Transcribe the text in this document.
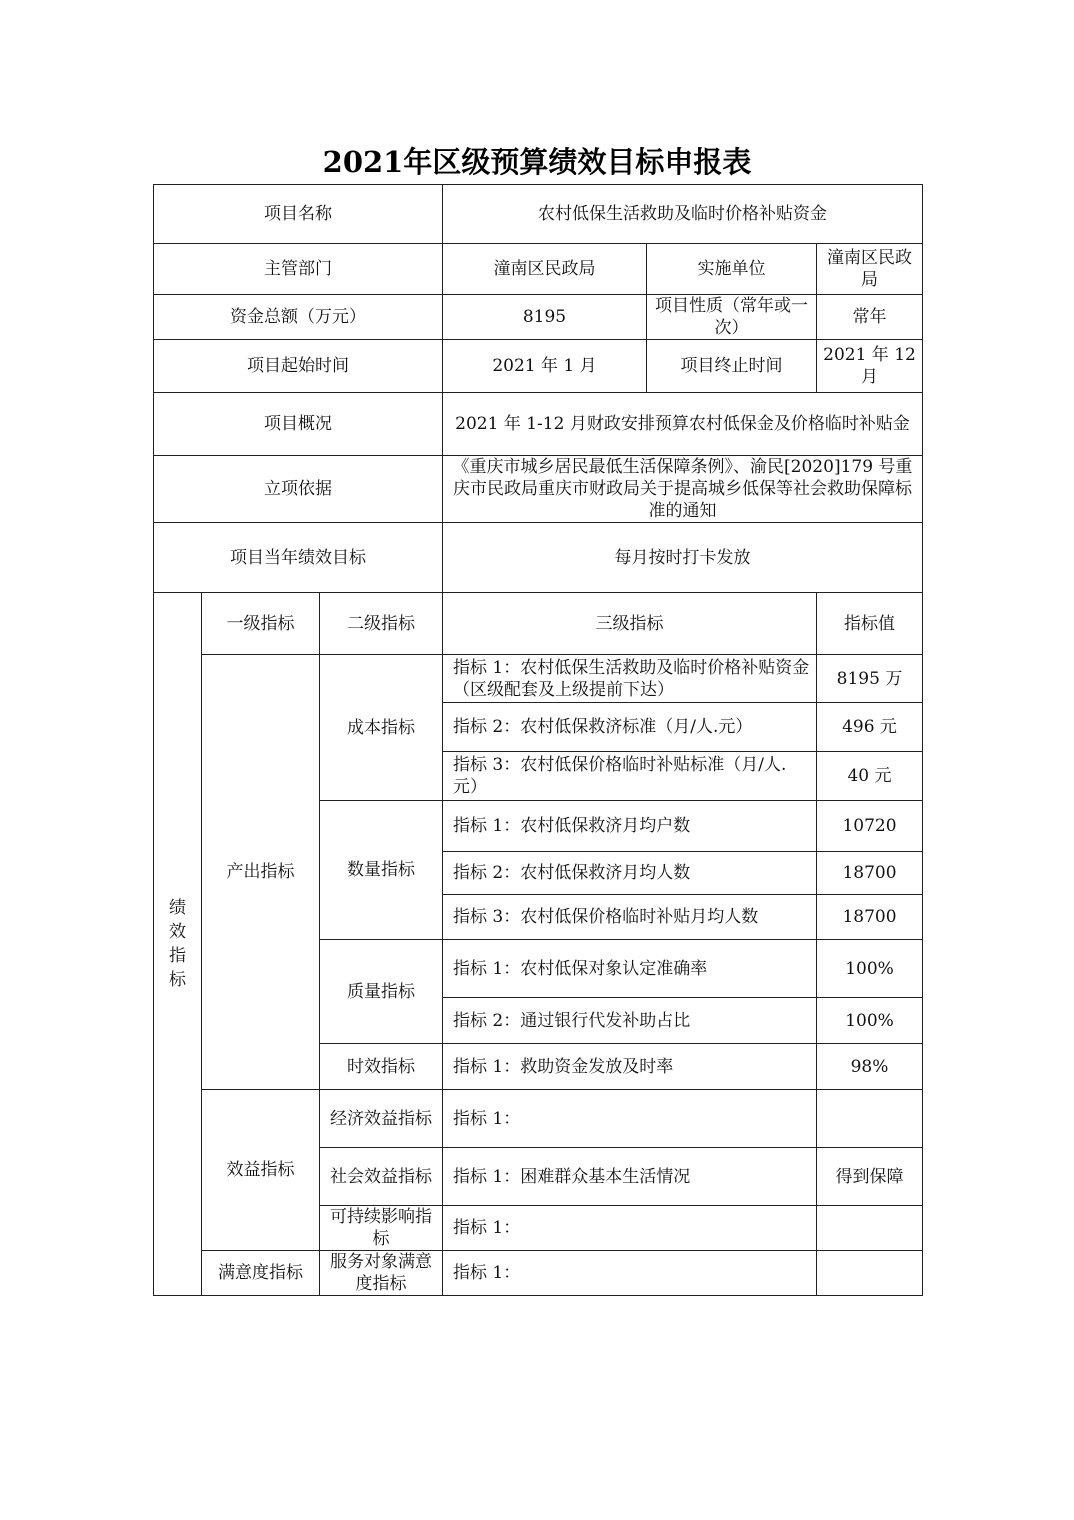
2021年区级预算绩效目标申报表
项目名称			农村低保生活救助及临时价格补贴资金		
主管部门			潼南区民政局	实施单位	潼南区民政局
资金总额（万元）			8195	项目性质（常年或一次）	常年
项目起始时间			2021 年 1 月	项目终止时间	2021 年 12 月
项目概况			2021 年 1-12 月财政安排预算农村低保金及价格临时补贴金		
立项依据			《重庆市城乡居民最低生活保障条例》、渝民[2020]179 号重庆市民政局重庆市财政局关于提高城乡低保等社会救助保障标准的通知		
项目当年绩效目标			每月按时打卡发放		
绩效指标	一级指标	二级指标	三级指标		指标值
	产出指标	成本指标	指标 1：农村低保生活救助及临时价格补贴资金（区级配套及上级提前下达）		8195 万
			指标 2：农村低保救济标准（月/人.元）		496 元
			指标 3：农村低保价格临时补贴标准（月/人.元）		40 元
		数量指标	指标 1：农村低保救济月均户数		10720
			指标 2：农村低保救济月均人数		18700
			指标 3：农村低保价格临时补贴月均人数		18700
		质量指标	指标 1：农村低保对象认定准确率		100%
			指标 2：通过银行代发补助占比		100%
		时效指标	指标 1：救助资金发放及时率		98%
	效益指标	经济效益指标	指标 1：		
		社会效益指标	指标 1：困难群众基本生活情况		得到保障
		可持续影响指标	指标 1：		
	满意度指标	服务对象满意度指标	指标 1：		
